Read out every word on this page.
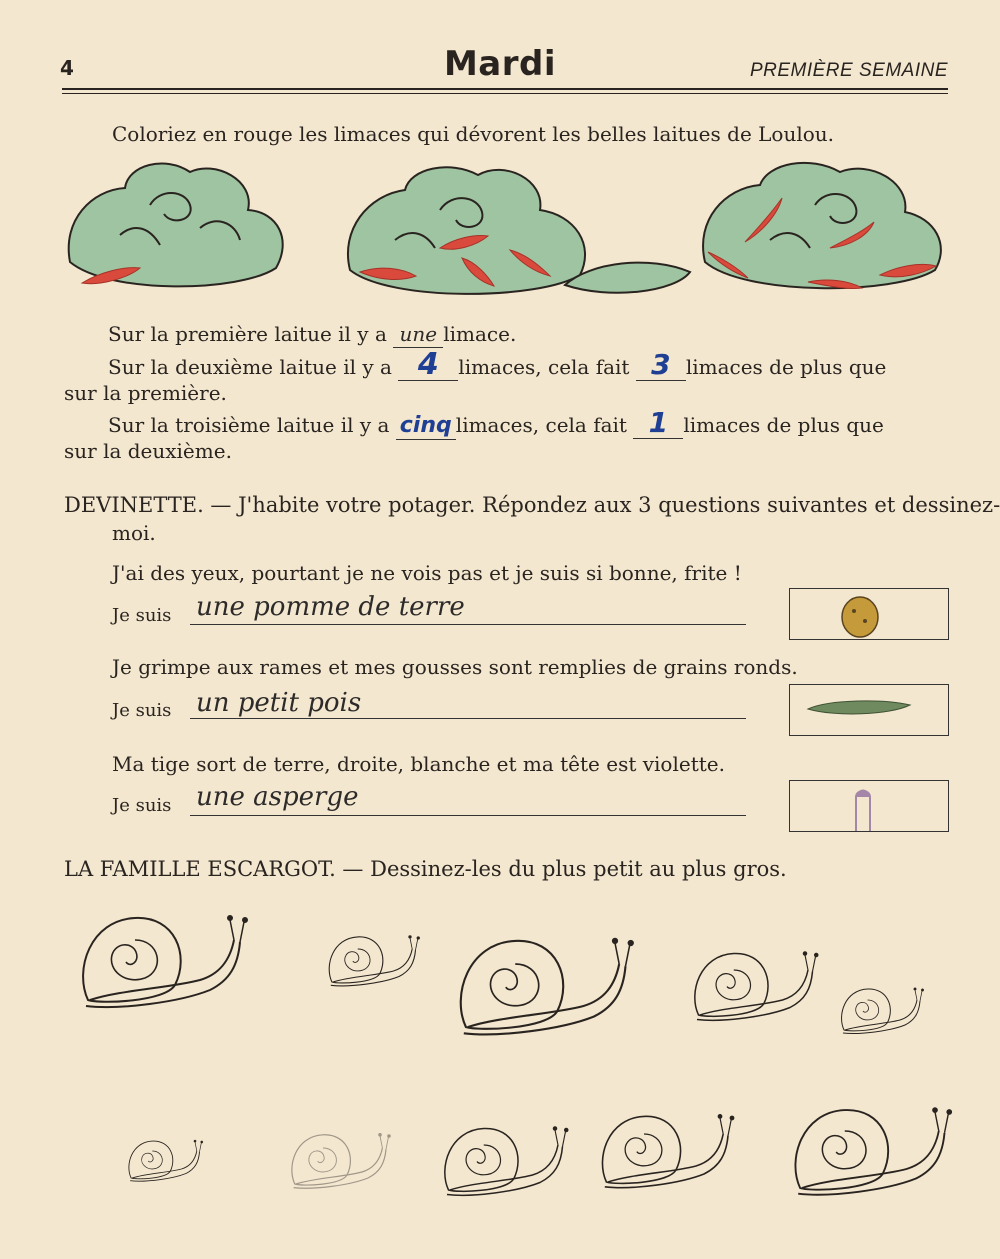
4	Mardi	PREMIÈRE SEMAINE
Coloriez en rouge les limaces qui dévorent les belles laitues de Loulou.
Sur la première laitue il y a une limace.
Sur la deuxième laitue il y a 4 limaces, cela fait 3 limaces de plus que
sur la première.
Sur la troisième laitue il y a cinq limaces, cela fait 1 limaces de plus que
sur la deuxième.
DEVINETTE. — J'habite votre potager. Répondez aux 3 questions suivantes et dessinez-
moi.
J'ai des yeux, pourtant je ne vois pas et je suis si bonne, frite !
Je suis une pomme de terre
Je grimpe aux rames et mes gousses sont remplies de grains ronds.
Je suis un petit pois
Ma tige sort de terre, droite, blanche et ma tête est violette.
Je suis une asperge
LA FAMILLE ESCARGOT. — Dessinez-les du plus petit au plus gros.
